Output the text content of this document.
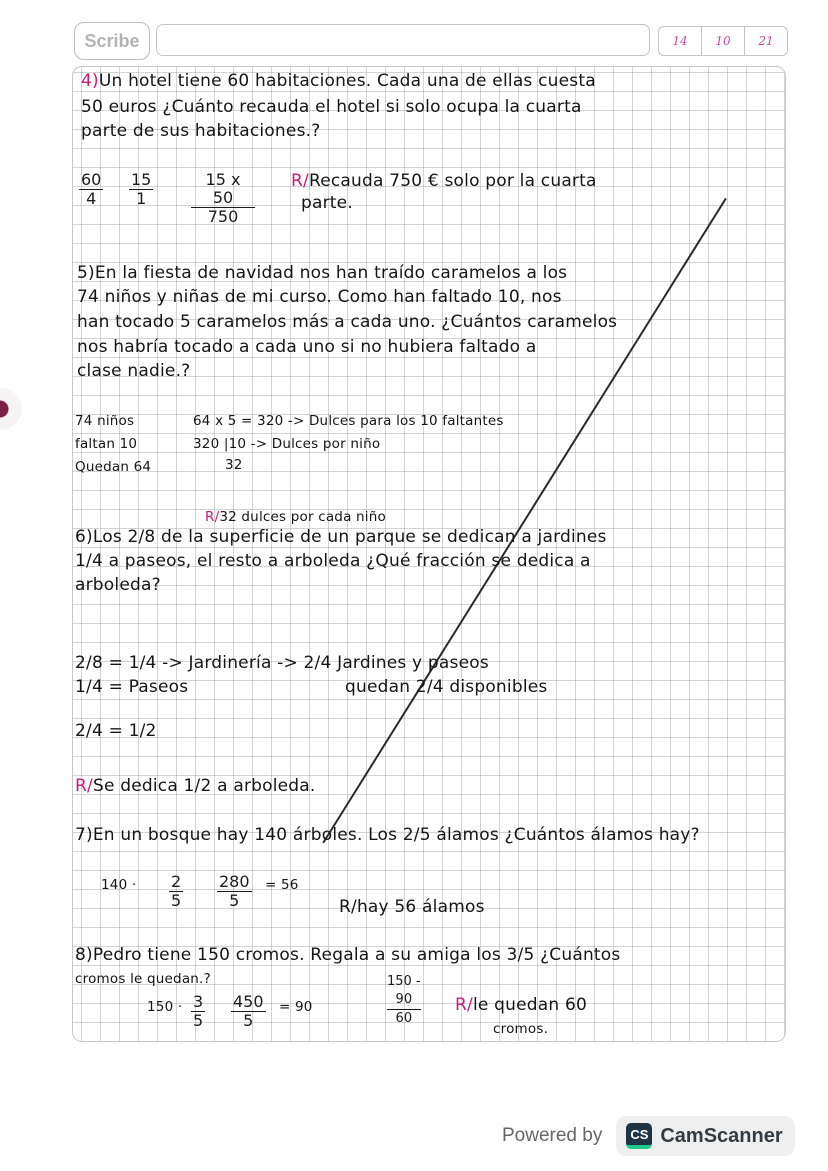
Scribe	14	10	21
4)Un hotel tiene 60 habitaciones. Cada una de ellas cuesta
50 euros ¿Cuánto recauda el hotel si solo ocupa la cuarta
parte de sus habitaciones.?
$\frac{60}{4} \frac{15}{1}$	15 x
50
750
R/Recauda 750 € solo por la cuarta
parte.
5)En la fiesta de navidad nos han traído caramelos a los
74 niños y niñas de mi curso. Como han faltado 10, nos
han tocado 5 caramelos más a cada uno. ¿Cuántos caramelos
nos habría tocado a cada uno si no hubiera faltado a
clase nadie.?
74 niños
faltan 10
Quedan 64
64 x 5 = 320 -> Dulces para los 10 faltantes
320 |10 -> Dulces por niño
32
R/32 dulces por cada niño
6)Los 2/8 de la superficie de un parque se dedican a jardines
1/4 a paseos, el resto a arboleda ¿Qué fracción se dedica a
arboleda?
2/8 = 1/4 -> Jardinería -> 2/4 Jardines y paseos
1/4 = Paseos	quedan 2/4 disponibles
2/4 = 1/2
R/Se dedica 1/2 a arboleda.
7)En un bosque hay 140 árboles. Los 2/5 álamos ¿Cuántos álamos hay?
$140 \cdot \frac{2}{5} \frac{280}{5} = 56$
R/hay 56 álamos
8)Pedro tiene 150 cromos. Regala a su amiga los 3/5 ¿Cuántos
cromos le quedan.?
$150 \cdot \frac{3}{5} \frac{450}{5} = 90$
150 -
90
60
R/le quedan 60
cromos.
Powered by	CS CamScanner
